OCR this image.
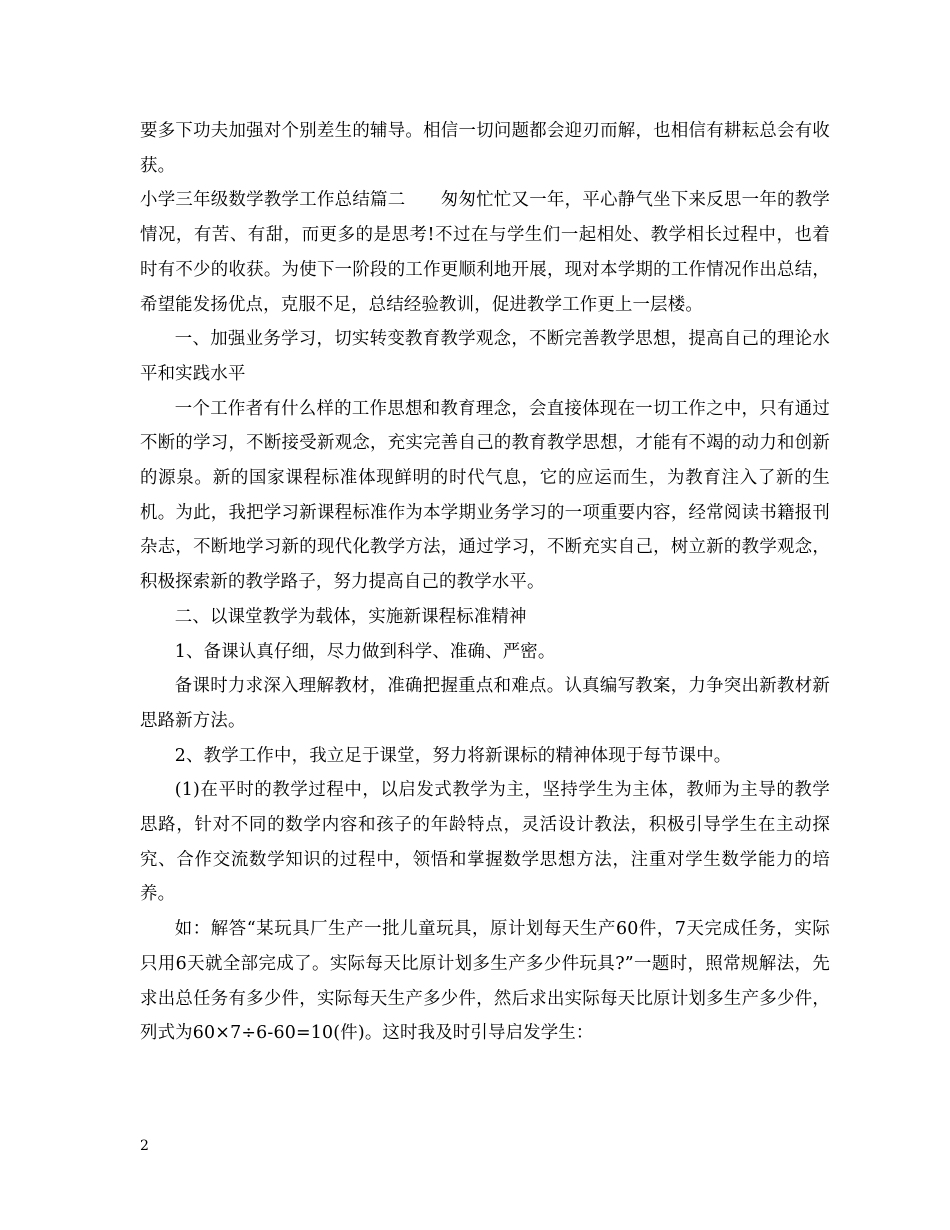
要多下功夫加强对个别差生的辅导。相信一切问题都会迎刃而解，也相信有耕耘总会有收获。

小学三年级数学教学工作总结篇二　　匆匆忙忙又一年，平心静气坐下来反思一年的教学情况，有苦、有甜，而更多的是思考!不过在与学生们一起相处、教学相长过程中，也着时有不少的收获。为使下一阶段的工作更顺利地开展，现对本学期的工作情况作出总结，希望能发扬优点，克服不足，总结经验教训，促进教学工作更上一层楼。

一、加强业务学习，切实转变教育教学观念，不断完善教学思想，提高自己的理论水平和实践水平

一个工作者有什么样的工作思想和教育理念，会直接体现在一切工作之中，只有通过不断的学习，不断接受新观念，充实完善自己的教育教学思想，才能有不竭的动力和创新的源泉。新的国家课程标准体现鲜明的时代气息，它的应运而生，为教育注入了新的生机。为此，我把学习新课程标准作为本学期业务学习的一项重要内容，经常阅读书籍报刊杂志，不断地学习新的现代化教学方法，通过学习，不断充实自己，树立新的教学观念，积极探索新的教学路子，努力提高自己的教学水平。

二、以课堂教学为载体，实施新课程标准精神

1、备课认真仔细，尽力做到科学、准确、严密。

备课时力求深入理解教材，准确把握重点和难点。认真编写教案，力争突出新教材新思路新方法。

2、教学工作中，我立足于课堂，努力将新课标的精神体现于每节课中。

(1)在平时的教学过程中，以启发式教学为主，坚持学生为主体，教师为主导的教学思路，针对不同的数学内容和孩子的年龄特点，灵活设计教法，积极引导学生在主动探究、合作交流数学知识的过程中，领悟和掌握数学思想方法，注重对学生数学能力的培养。

如：解答“某玩具厂生产一批儿童玩具，原计划每天生产60件，7天完成任务，实际只用6天就全部完成了。实际每天比原计划多生产多少件玩具?”一题时，照常规解法，先求出总任务有多少件，实际每天生产多少件，然后求出实际每天比原计划多生产多少件，列式为60×7÷6-60=10(件)。这时我及时引导启发学生：

2
